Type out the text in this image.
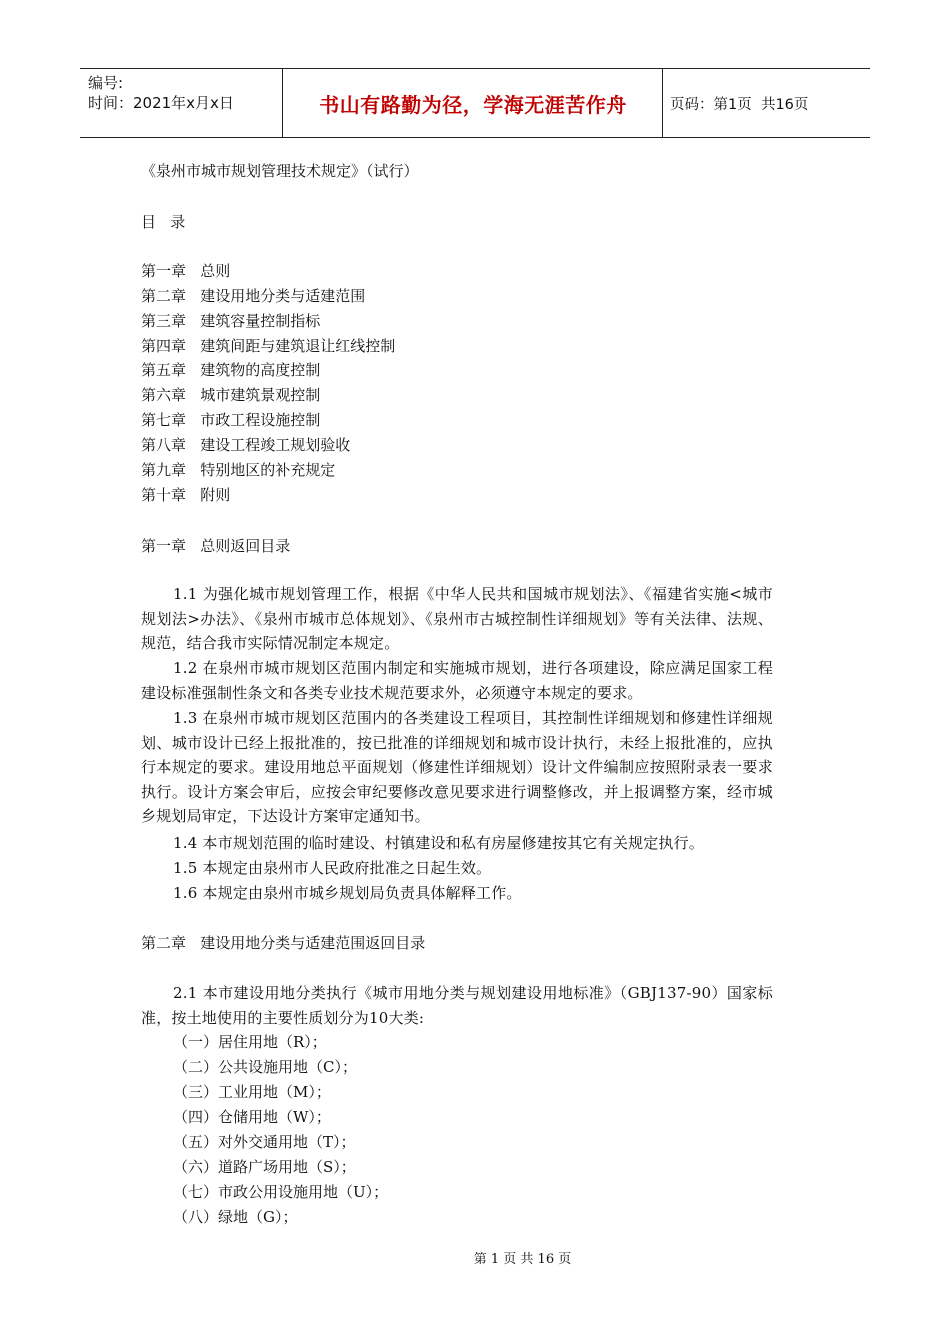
编号:
时间：2021年x月x日	书山有路勤为径，学海无涯苦作舟	页码：第1页  共16页
《泉州市城市规划管理技术规定》（试行）
目   录
第一章   总则
第二章   建设用地分类与适建范围
第三章   建筑容量控制指标
第四章   建筑间距与建筑退让红线控制
第五章   建筑物的高度控制
第六章   城市建筑景观控制
第七章   市政工程设施控制
第八章   建设工程竣工规划验收
第九章   特别地区的补充规定
第十章   附则
第一章   总则返回目录
1.1 为强化城市规划管理工作，根据《中华人民共和国城市规划法》、《福建省实施<城市规划法>办法》、《泉州市城市总体规划》、《泉州市古城控制性详细规划》等有关法律、法规、规范，结合我市实际情况制定本规定。
1.2 在泉州市城市规划区范围内制定和实施城市规划，进行各项建设，除应满足国家工程建设标准强制性条文和各类专业技术规范要求外，必须遵守本规定的要求。
1.3 在泉州市城市规划区范围内的各类建设工程项目，其控制性详细规划和修建性详细规划、城市设计已经上报批准的，按已批准的详细规划和城市设计执行，未经上报批准的，应执行本规定的要求。建设用地总平面规划（修建性详细规划）设计文件编制应按照附录表一要求执行。设计方案会审后，应按会审纪要修改意见要求进行调整修改，并上报调整方案，经市城乡规划局审定，下达设计方案审定通知书。
1.4 本市规划范围的临时建设、村镇建设和私有房屋修建按其它有关规定执行。
1.5 本规定由泉州市人民政府批准之日起生效。
1.6 本规定由泉州市城乡规划局负责具体解释工作。
第二章   建设用地分类与适建范围返回目录
2.1 本市建设用地分类执行《城市用地分类与规划建设用地标准》（GBJ137-90）国家标准，按土地使用的主要性质划分为10大类:
（一）居住用地（R）；
（二）公共设施用地（C）；
（三）工业用地（M）；
（四）仓储用地（W）；
（五）对外交通用地（T）；
（六）道路广场用地（S）；
（七）市政公用设施用地（U）；
（八）绿地（G）；
第 1 页 共 16 页
